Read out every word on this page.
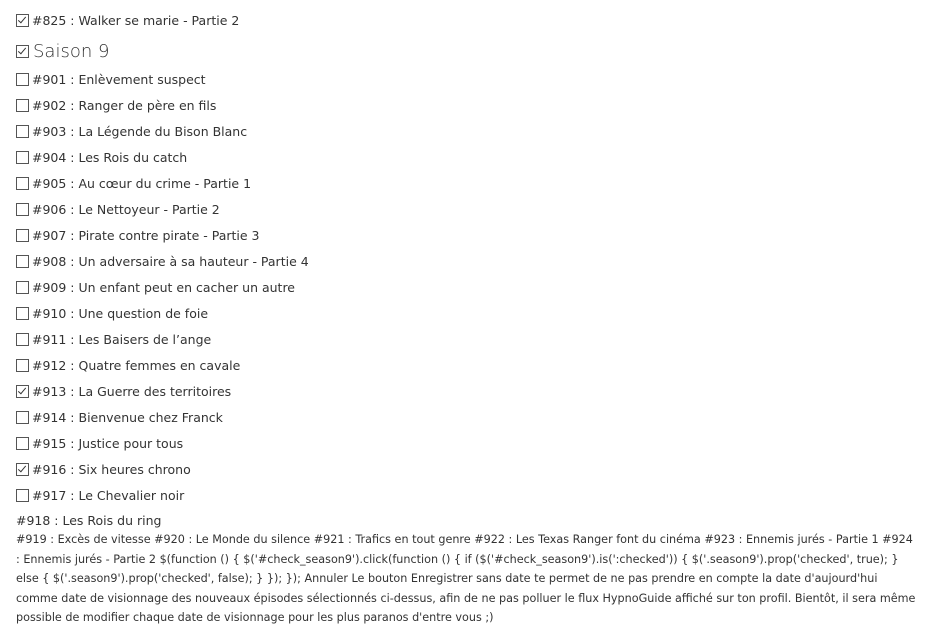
#825 : Walker se marie - Partie 2
Saison 9
#901 : Enlèvement suspect
#902 : Ranger de père en fils
#903 : La Légende du Bison Blanc
#904 : Les Rois du catch
#905 : Au cœur du crime - Partie 1
#906 : Le Nettoyeur - Partie 2
#907 : Pirate contre pirate - Partie 3
#908 : Un adversaire à sa hauteur - Partie 4
#909 : Un enfant peut en cacher un autre
#910 : Une question de foie
#911 : Les Baisers de l’ange
#912 : Quatre femmes en cavale
#913 : La Guerre des territoires
#914 : Bienvenue chez Franck
#915 : Justice pour tous
#916 : Six heures chrono
#917 : Le Chevalier noir
#918 : Les Rois du ring
#919 : Excès de vitesse #920 : Le Monde du silence #921 : Trafics en tout genre #922 : Les Texas Ranger font du cinéma #923 : Ennemis jurés - Partie 1 #924 : Ennemis jurés - Partie 2 $(function () { $('#check_season9').click(function () { if ($('#check_season9').is(':checked')) { $('.season9').prop('checked', true); } else { $('.season9').prop('checked', false); } }); }); Annuler Le bouton Enregistrer sans date te permet de ne pas prendre en compte la date d'aujourd'hui comme date de visionnage des nouveaux épisodes sélectionnés ci-dessus, afin de ne pas polluer le flux HypnoGuide affiché sur ton profil. Bientôt, il sera même possible de modifier chaque date de visionnage pour les plus paranos d'entre vous ;)
